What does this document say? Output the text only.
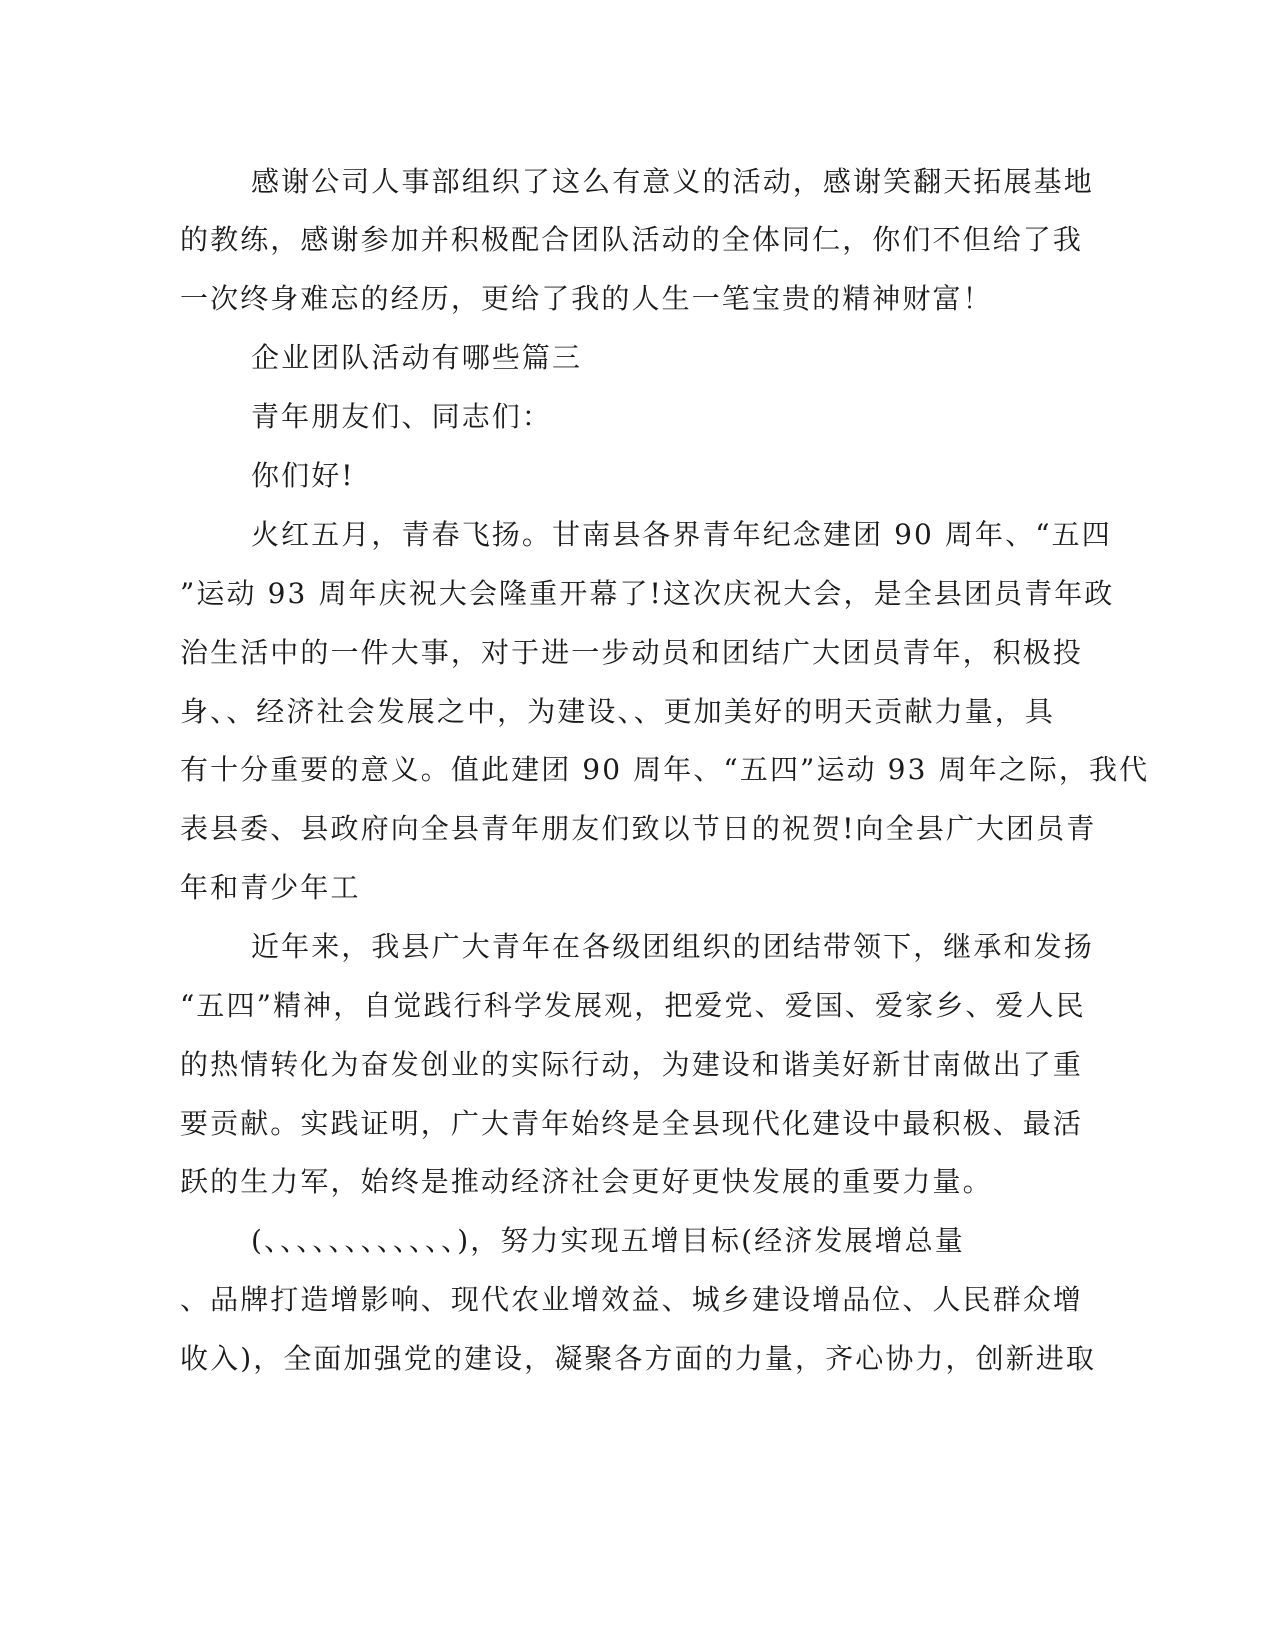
感谢公司人事部组织了这么有意义的活动，感谢笑翻天拓展基地
的教练，感谢参加并积极配合团队活动的全体同仁，你们不但给了我
一次终身难忘的经历，更给了我的人生一笔宝贵的精神财富！
企业团队活动有哪些篇三
青年朋友们、同志们：
你们好!
火红五月，青春飞扬。甘南县各界青年纪念建团 90 周年、“五四
”运动 93 周年庆祝大会隆重开幕了!这次庆祝大会，是全县团员青年政
治生活中的一件大事，对于进一步动员和团结广大团员青年，积极投
身、、经济社会发展之中，为建设、、更加美好的明天贡献力量，具
有十分重要的意义。值此建团 90 周年、“五四”运动 93 周年之际，我代
表县委、县政府向全县青年朋友们致以节日的祝贺!向全县广大团员青
年和青少年工
近年来，我县广大青年在各级团组织的团结带领下，继承和发扬
“五四”精神，自觉践行科学发展观，把爱党、爱国、爱家乡、爱人民
的热情转化为奋发创业的实际行动，为建设和谐美好新甘南做出了重
要贡献。实践证明，广大青年始终是全县现代化建设中最积极、最活
跃的生力军，始终是推动经济社会更好更快发展的重要力量。
(、、、、、、、、、、、、)，努力实现五增目标(经济发展增总量
、品牌打造增影响、现代农业增效益、城乡建设增品位、人民群众增
收入)，全面加强党的建设，凝聚各方面的力量，齐心协力，创新进取
